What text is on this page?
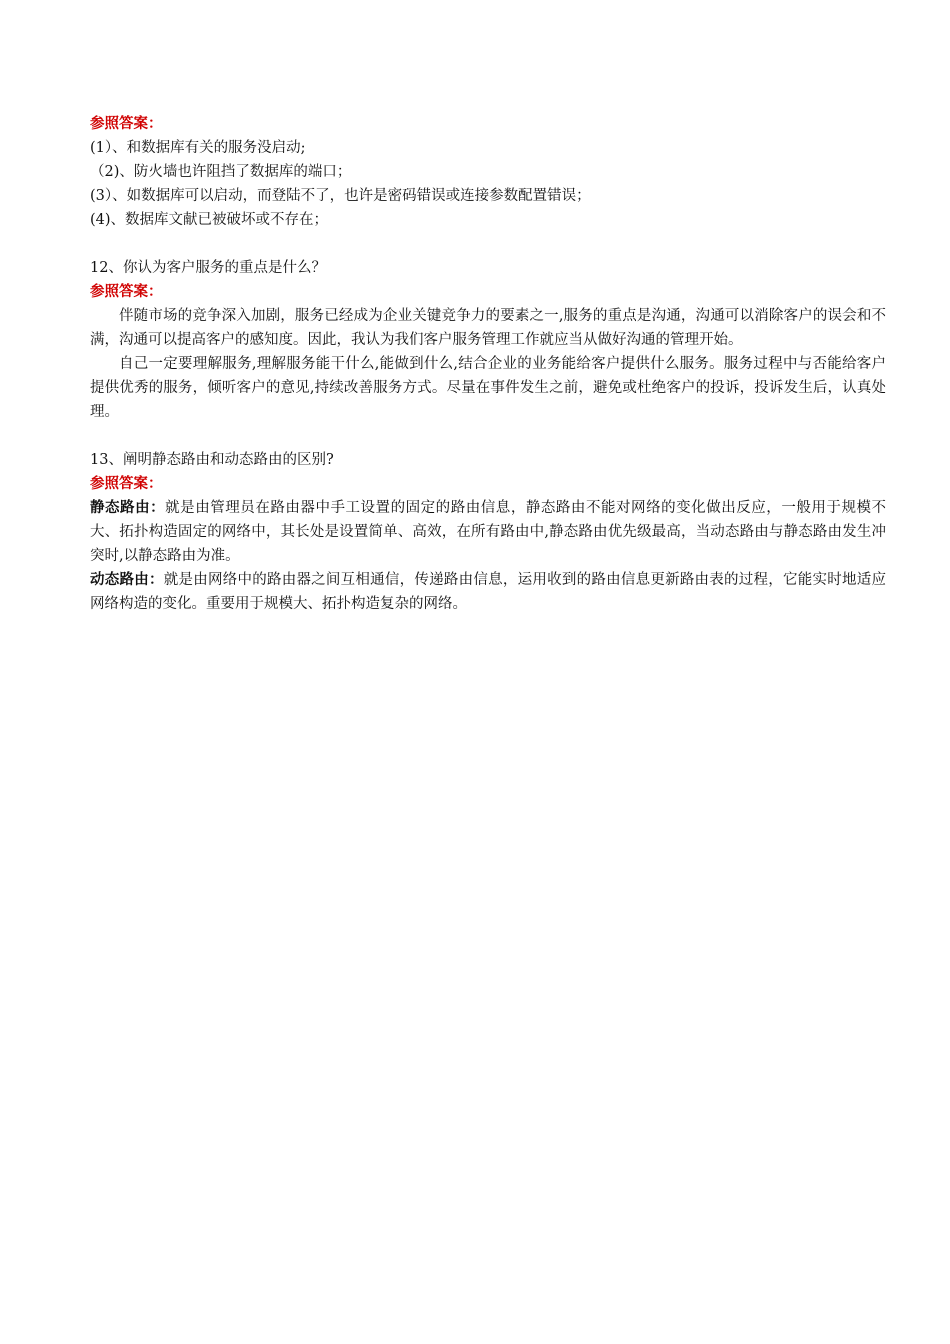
参照答案：
(1）、和数据库有关的服务没启动;
（2)、防火墙也许阻挡了数据库的端口；
(3）、如数据库可以启动，而登陆不了，也许是密码错误或连接参数配置错误；
(4)、数据库文献已被破坏或不存在；
12、你认为客户服务的重点是什么？
参照答案：
伴随市场的竞争深入加剧，服务已经成为企业关键竞争力的要素之一,服务的重点是沟通，沟通可以消除客户的误会和不满，沟通可以提高客户的感知度。因此，我认为我们客户服务管理工作就应当从做好沟通的管理开始。
自己一定要理解服务,理解服务能干什么,能做到什么,结合企业的业务能给客户提供什么服务。服务过程中与否能给客户提供优秀的服务，倾听客户的意见,持续改善服务方式。尽量在事件发生之前，避免或杜绝客户的投诉，投诉发生后，认真处理。
13、阐明静态路由和动态路由的区别?
参照答案：
静态路由：就是由管理员在路由器中手工设置的固定的路由信息，静态路由不能对网络的变化做出反应，一般用于规模不大、拓扑构造固定的网络中，其长处是设置简单、高效，在所有路由中,静态路由优先级最高，当动态路由与静态路由发生冲突时,以静态路由为准。
动态路由：就是由网络中的路由器之间互相通信，传递路由信息，运用收到的路由信息更新路由表的过程，它能实时地适应网络构造的变化。重要用于规模大、拓扑构造复杂的网络。
